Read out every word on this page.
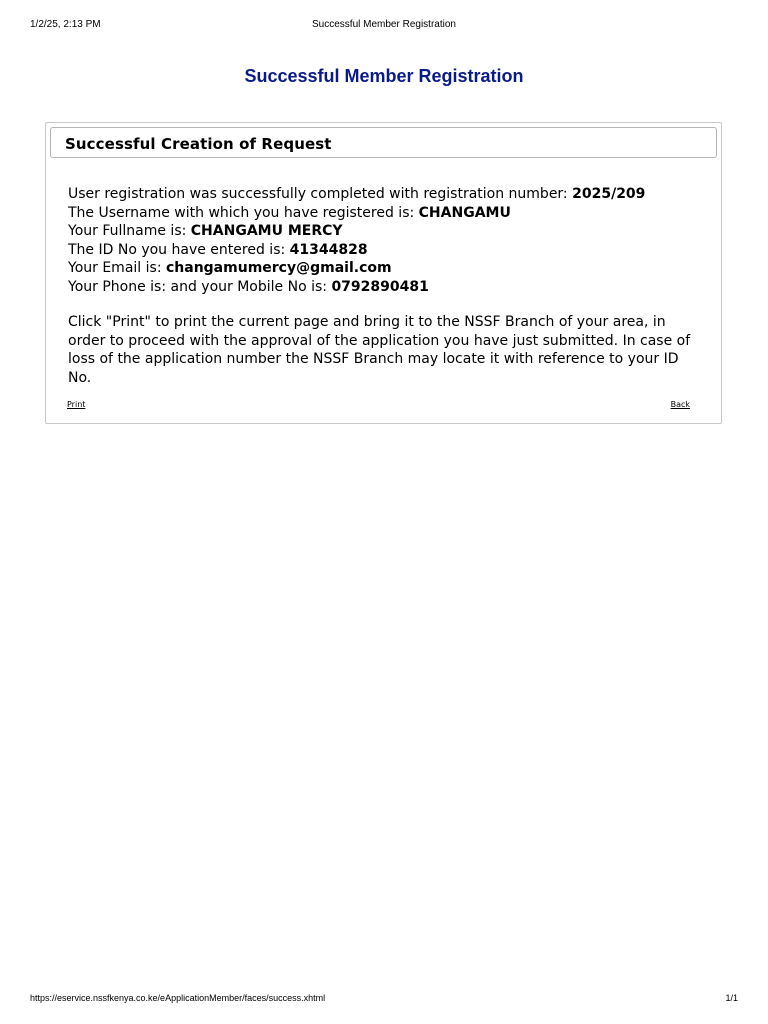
1/2/25, 2:13 PM	Successful Member Registration
Successful Member Registration
Successful Creation of Request
User registration was successfully completed with registration number: 2025/209
The Username with which you have registered is: CHANGAMU
Your Fullname is: CHANGAMU MERCY
The ID No you have entered is: 41344828
Your Email is: changamumercy@gmail.com
Your Phone is: and your Mobile No is: 0792890481
Click "Print" to print the current page and bring it to the NSSF Branch of your area, in order to proceed with the approval of the application you have just submitted. In case of loss of the application number the NSSF Branch may locate it with reference to your ID No.
Print	Back
https://eservice.nssfkenya.co.ke/eApplicationMember/faces/success.xhtml	1/1
